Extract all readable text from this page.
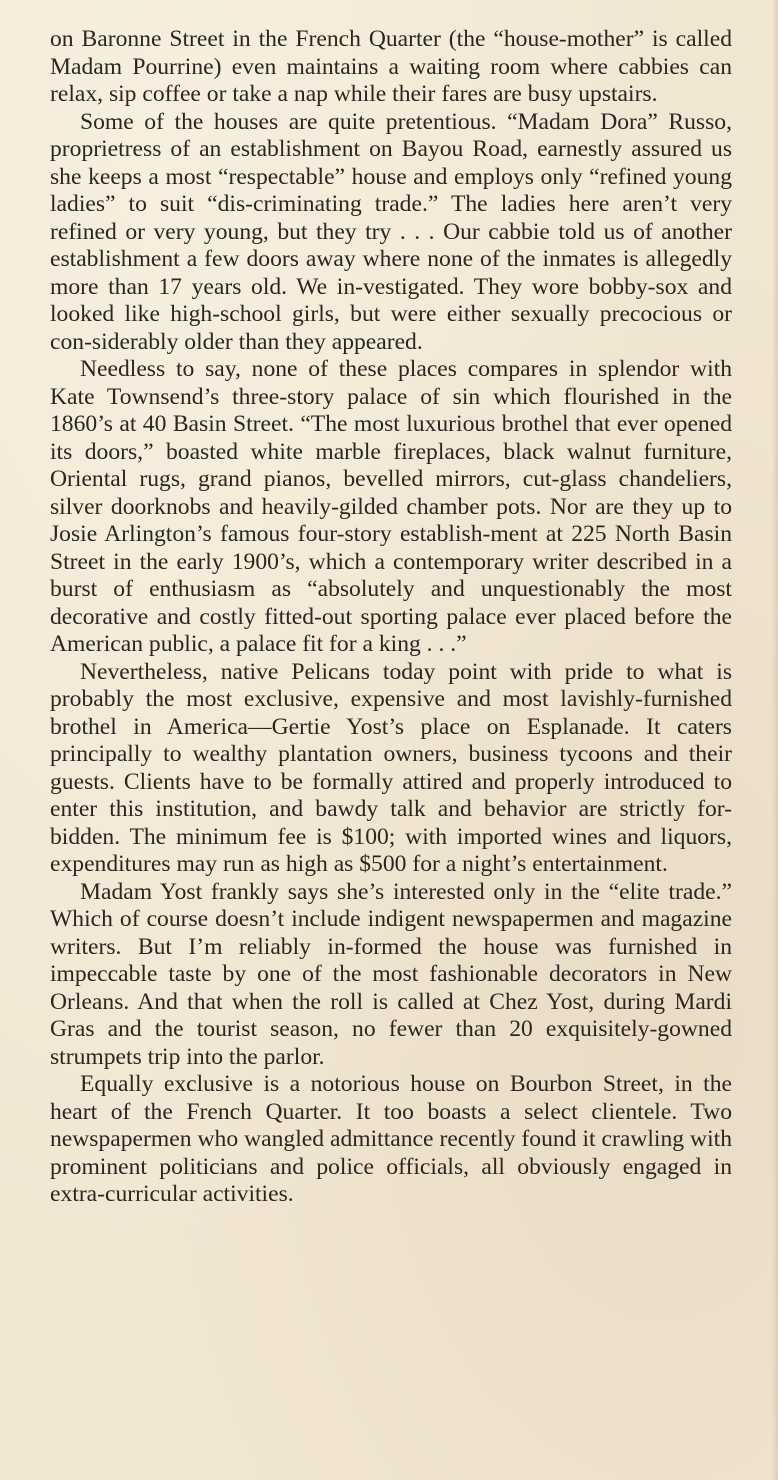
on Baronne Street in the French Quarter (the “house-mother” is called Madam Pourrine) even maintains a waiting room where cabbies can relax, sip coffee or take a nap while their fares are busy upstairs.

Some of the houses are quite pretentious. “Madam Dora” Russo, proprietress of an establishment on Bayou Road, earnestly assured us she keeps a most “respectable” house and employs only “refined young ladies” to suit “dis-criminating trade.” The ladies here aren’t very refined or very young, but they try . . . Our cabbie told us of another establishment a few doors away where none of the inmates is allegedly more than 17 years old. We in-vestigated. They wore bobby-sox and looked like high-school girls, but were either sexually precocious or con-siderably older than they appeared.

Needless to say, none of these places compares in splendor with Kate Townsend’s three-story palace of sin which flourished in the 1860’s at 40 Basin Street. “The most luxurious brothel that ever opened its doors,” boasted white marble fireplaces, black walnut furniture, Oriental rugs, grand pianos, bevelled mirrors, cut-glass chandeliers, silver doorknobs and heavily-gilded chamber pots. Nor are they up to Josie Arlington’s famous four-story establish-ment at 225 North Basin Street in the early 1900’s, which a contemporary writer described in a burst of enthusiasm as “absolutely and unquestionably the most decorative and costly fitted-out sporting palace ever placed before the American public, a palace fit for a king . . .”

Nevertheless, native Pelicans today point with pride to what is probably the most exclusive, expensive and most lavishly-furnished brothel in America—Gertie Yost’s place on Esplanade. It caters principally to wealthy plantation owners, business tycoons and their guests. Clients have to be formally attired and properly introduced to enter this institution, and bawdy talk and behavior are strictly for-bidden. The minimum fee is $100; with imported wines and liquors, expenditures may run as high as $500 for a night’s entertainment.

Madam Yost frankly says she’s interested only in the “elite trade.” Which of course doesn’t include indigent newspapermen and magazine writers. But I’m reliably in-formed the house was furnished in impeccable taste by one of the most fashionable decorators in New Orleans. And that when the roll is called at Chez Yost, during Mardi Gras and the tourist season, no fewer than 20 exquisitely-gowned strumpets trip into the parlor.

Equally exclusive is a notorious house on Bourbon Street, in the heart of the French Quarter. It too boasts a select clientele. Two newspapermen who wangled admittance recently found it crawling with prominent politicians and police officials, all obviously engaged in extra-curricular activities.
